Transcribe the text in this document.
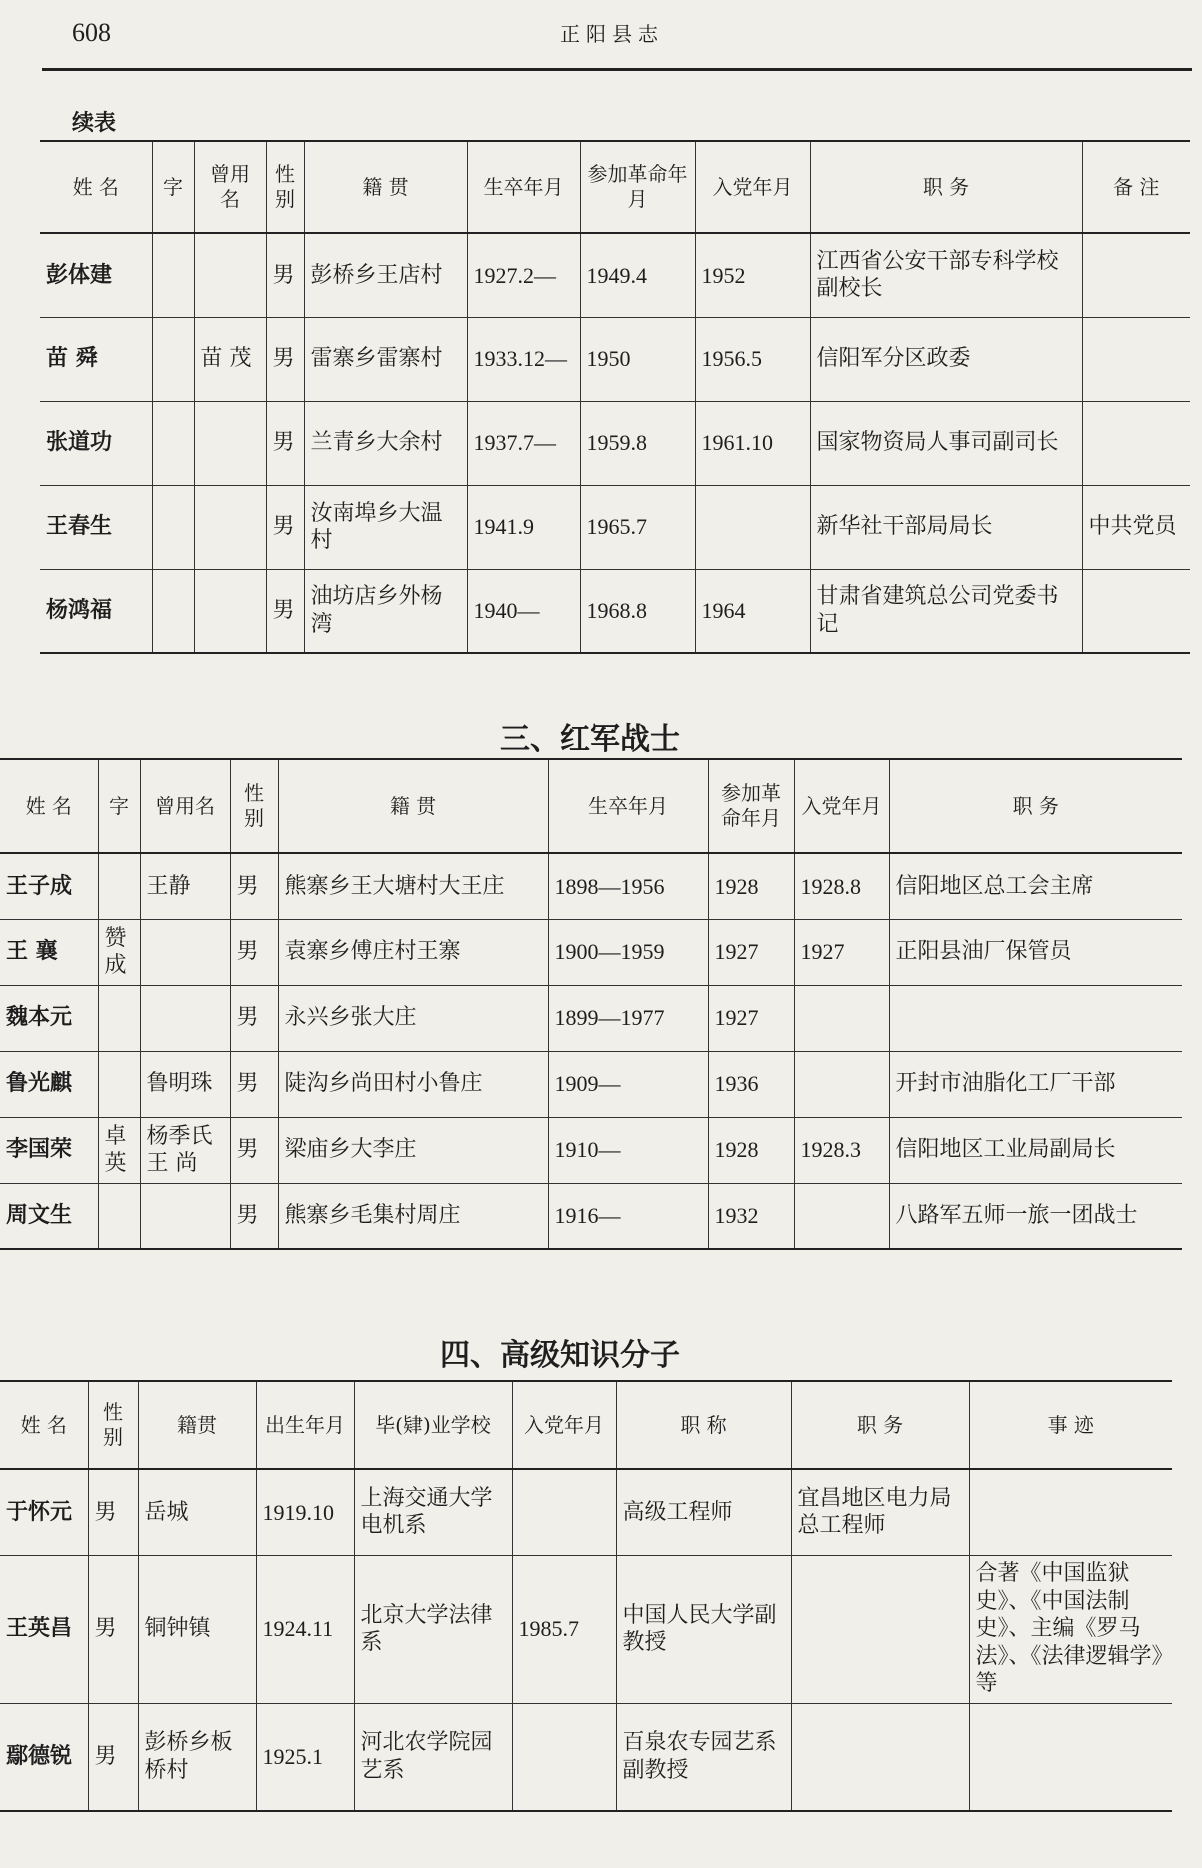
608	正阳县志
续表
姓 名	字	曾用名	性别	籍 贯	生卒年月	参加革命年月	入党年月	职 务	备 注
彭体建			男	彭桥乡王店村	1927.2—	1949.4	1952	江西省公安干部专科学校副校长	
苗 舜		苗 茂	男	雷寨乡雷寨村	1933.12—	1950	1956.5	信阳军分区政委	
张道功			男	兰青乡大余村	1937.7—	1959.8	1961.10	国家物资局人事司副司长	
王春生			男	汝南埠乡大温村	1941.9	1965.7		新华社干部局局长	中共党员
杨鸿福			男	油坊店乡外杨湾	1940—	1968.8	1964	甘肃省建筑总公司党委书记	
三、红军战士
姓 名	字	曾用名	性别	籍 贯	生卒年月	参加革命年月	入党年月	职 务
王子成		王静	男	熊寨乡王大塘村大王庄	1898—1956	1928	1928.8	信阳地区总工会主席
王 襄	赞成		男	袁寨乡傅庄村王寨	1900—1959	1927	1927	正阳县油厂保管员
魏本元			男	永兴乡张大庄	1899—1977	1927		
鲁光麒		鲁明珠	男	陡沟乡尚田村小鲁庄	1909—	1936		开封市油脂化工厂干部
李国荣	卓英	杨季氏王 尚	男	梁庙乡大李庄	1910—	1928	1928.3	信阳地区工业局副局长
周文生			男	熊寨乡毛集村周庄	1916—	1932		八路军五师一旅一团战士
四、高级知识分子
姓 名	性别	籍贯	出生年月	毕(肄)业学校	入党年月	职 称	职 务	事 迹
于怀元	男	岳城	1919.10	上海交通大学电机系		高级工程师	宜昌地区电力局总工程师	
王英昌	男	铜钟镇	1924.11	北京大学法律系	1985.7	中国人民大学副教授		合著《中国监狱史》、《中国法制史》、主编《罗马法》、《法律逻辑学》等
鄢德锐	男	彭桥乡板桥村	1925.1	河北农学院园艺系		百泉农专园艺系副教授		
